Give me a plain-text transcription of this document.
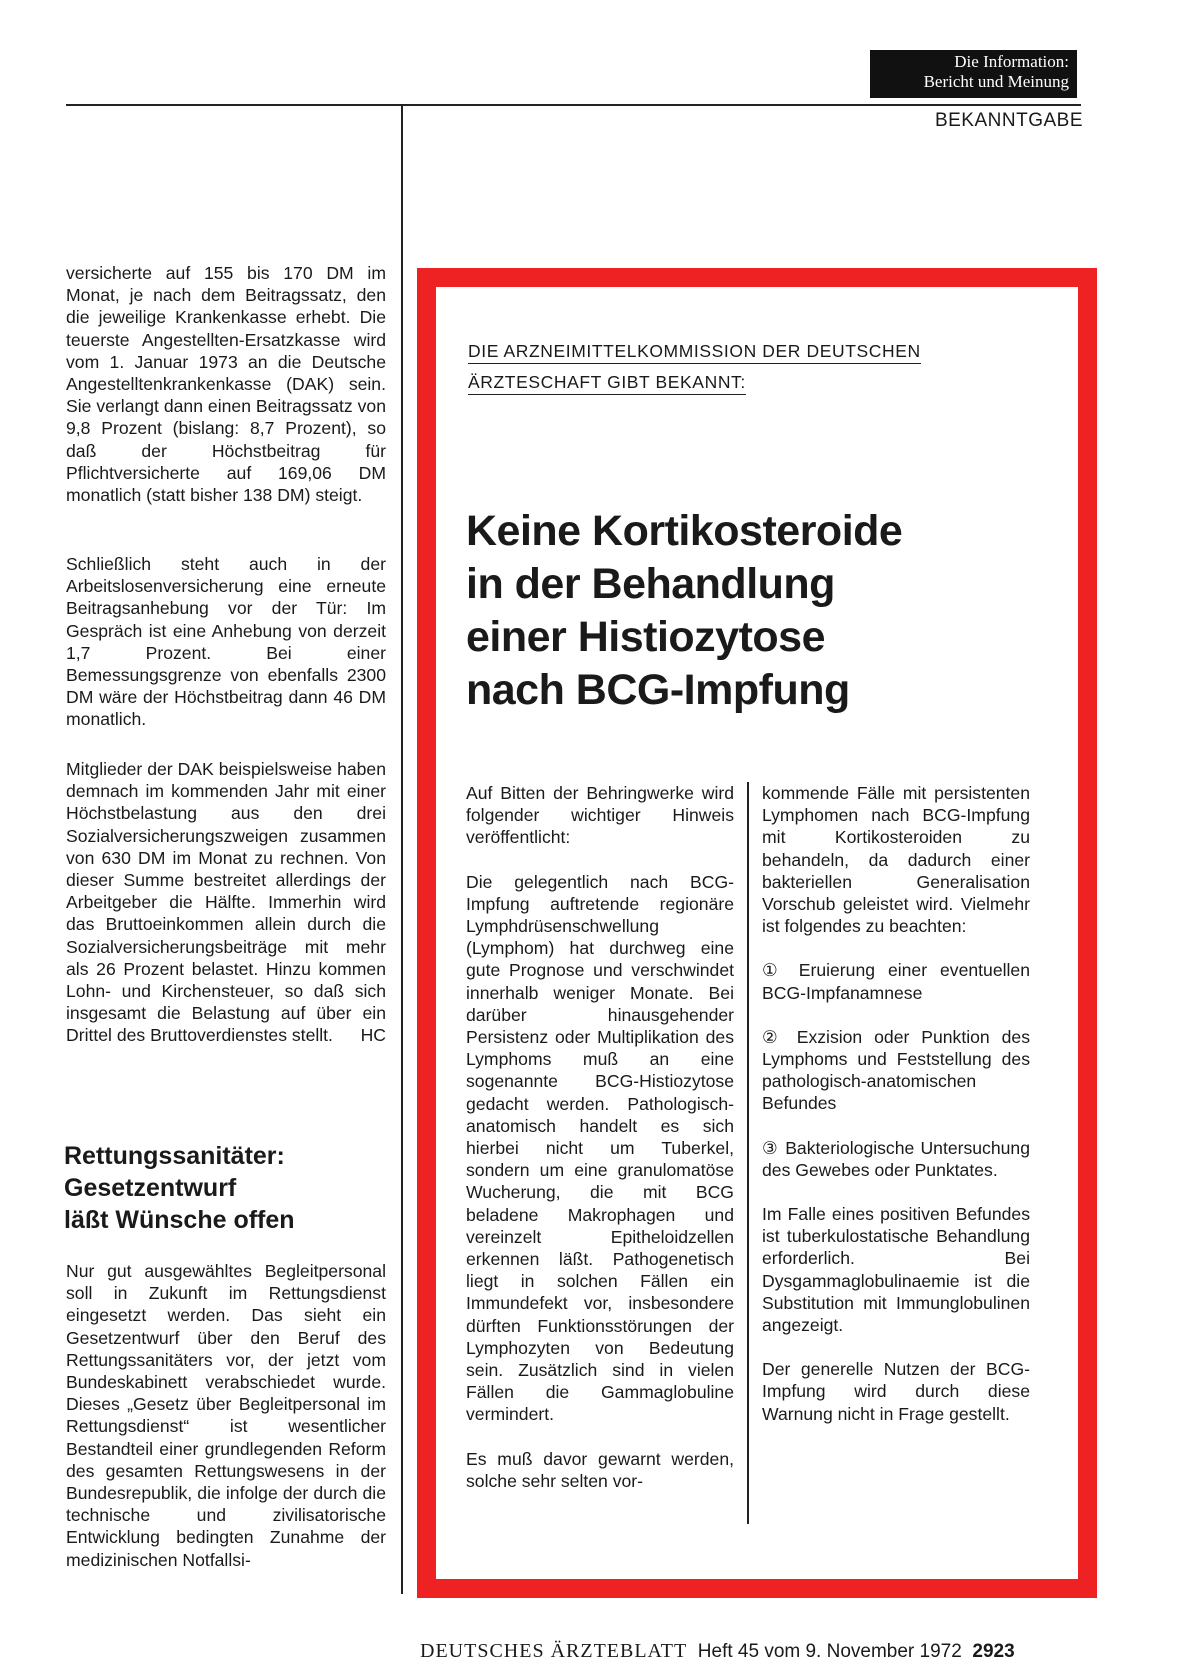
Die Information:
Bericht und Meinung
BEKANNTGABE

versicherte auf 155 bis 170 DM im Monat, je nach dem Beitragssatz, den die jeweilige Krankenkasse erhebt. Die teuerste Angestellten-Ersatzkasse wird vom 1. Januar 1973 an die Deutsche Angestelltenkrankenkasse (DAK) sein. Sie verlangt dann einen Beitragssatz von 9,8 Prozent (bislang: 8,7 Prozent), so daß der Höchstbeitrag für Pflichtversicherte auf 169,06 DM monatlich (statt bisher 138 DM) steigt.

Schließlich steht auch in der Arbeitslosenversicherung eine erneute Beitragsanhebung vor der Tür: Im Gespräch ist eine Anhebung von derzeit 1,7 Prozent. Bei einer Bemessungsgrenze von ebenfalls 2300 DM wäre der Höchstbeitrag dann 46 DM monatlich.

Mitglieder der DAK beispielsweise haben demnach im kommenden Jahr mit einer Höchstbelastung aus den drei Sozialversicherungszweigen zusammen von 630 DM im Monat zu rechnen. Von dieser Summe bestreitet allerdings der Arbeitgeber die Hälfte. Immerhin wird das Bruttoeinkommen allein durch die Sozialversicherungsbeiträge mit mehr als 26 Prozent belastet. Hinzu kommen Lohn- und Kirchensteuer, so daß sich insgesamt die Belastung auf über ein Drittel des Bruttoverdienstes stellt. HC

Rettungssanitäter:
Gesetzentwurf
läßt Wünsche offen

Nur gut ausgewähltes Begleitpersonal soll in Zukunft im Rettungsdienst eingesetzt werden. Das sieht ein Gesetzentwurf über den Beruf des Rettungssanitäters vor, der jetzt vom Bundeskabinett verabschiedet wurde. Dieses „Gesetz über Begleitpersonal im Rettungsdienst“ ist wesentlicher Bestandteil einer grundlegenden Reform des gesamten Rettungswesens in der Bundesrepublik, die infolge der durch die technische und zivilisatorische Entwicklung bedingten Zunahme der medizinischen Notfallsi-

DIE ARZNEIMITTELKOMMISSION DER DEUTSCHEN
ÄRZTESCHAFT GIBT BEKANNT:
Keine Kortikosteroide
in der Behandlung
einer Histiozytose
nach BCG-Impfung

Auf Bitten der Behringwerke wird folgender wichtiger Hinweis veröffentlicht:

Die gelegentlich nach BCG-Impfung auftretende regionäre Lymphdrüsenschwellung (Lymphom) hat durchweg eine gute Prognose und verschwindet innerhalb weniger Monate. Bei darüber hinausgehender Persistenz oder Multiplikation des Lymphoms muß an eine sogenannte BCG-Histiozytose gedacht werden. Pathologisch-anatomisch handelt es sich hierbei nicht um Tuberkel, sondern um eine granulomatöse Wucherung, die mit BCG beladene Makrophagen und vereinzelt Epitheloidzellen erkennen läßt. Pathogenetisch liegt in solchen Fällen ein Immundefekt vor, insbesondere dürften Funktionsstörungen der Lymphozyten von Bedeutung sein. Zusätzlich sind in vielen Fällen die Gammaglobuline vermindert.

Es muß davor gewarnt werden, solche sehr selten vor-

kommende Fälle mit persistenten Lymphomen nach BCG-Impfung mit Kortikosteroiden zu behandeln, da dadurch einer bakteriellen Generalisation Vorschub geleistet wird. Vielmehr ist folgendes zu beachten:

① Eruierung einer eventuellen BCG-Impfanamnese

② Exzision oder Punktion des Lymphoms und Feststellung des pathologisch-anatomischen Befundes

③ Bakteriologische Untersuchung des Gewebes oder Punktates.

Im Falle eines positiven Befundes ist tuberkulostatische Behandlung erforderlich. Bei Dysgammaglobulinaemie ist die Substitution mit Immunglobulinen angezeigt.

Der generelle Nutzen der BCG-Impfung wird durch diese Warnung nicht in Frage gestellt.

DEUTSCHES ÄRZTEBLATT Heft 45 vom 9. November 1972 2923
